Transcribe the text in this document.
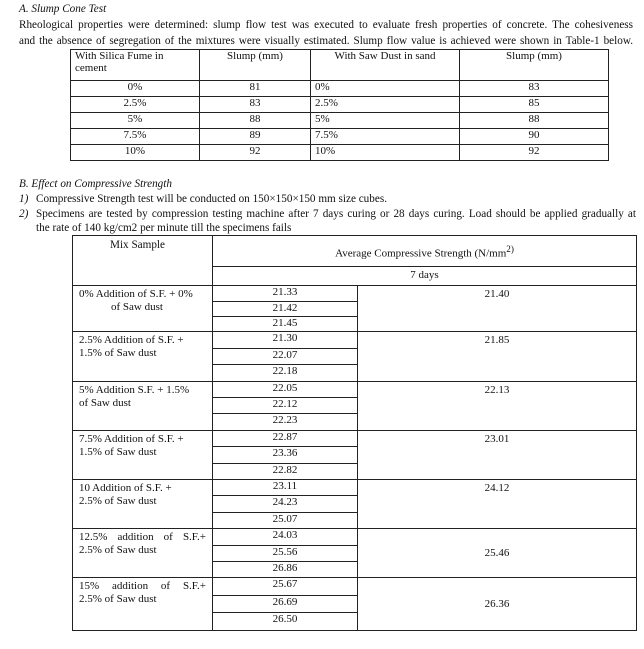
A. Slump Cone Test
Rheological properties were determined: slump flow test was executed to evaluate fresh properties of concrete. The cohesiveness
and the absence of segregation of the mixtures were visually estimated. Slump flow value is achieved were shown in Table-1 below.
With Silica Fume in
cement	Slump (mm)	With Saw Dust in sand	Slump (mm)
0%	81	0%	83
2.5%	83	2.5%	85
5%	88	5%	88
7.5%	89	7.5%	90
10%	92	10%	92
B. Effect on Compressive Strength
1) Compressive Strength test will be conducted on 150×150×150 mm size cubes.
2) Specimens are tested by compression testing machine after 7 days curing or 28 days curing. Load should be applied gradually at
the rate of 140 kg/cm2 per minute till the specimens fails
Mix Sample
	Average Compressive Strength ($N/mm^{2)}$
	7 days	

0% Addition of S.F. + 0%
of Saw dust	21.33	21.40
	21.42	
	21.45	

2.5% Addition of S.F. +
1.5% of Saw dust	21.30	21.85
	22.07	
	22.18	

5% Addition S.F. + 1.5%
of Saw dust	22.05	22.13
	22.12	
	22.23	

7.5% Addition of S.F. +
1.5% of Saw dust	22.87	23.01
	23.36	
	22.82	

10 Addition of S.F. +
2.5% of Saw dust	23.11	24.12
	24.23	
	25.07	

12.5% addition of S.F.+
2.5% of Saw dust	24.03	25.46
	25.56	
	26.86	

15% addition of S.F.+
2.5% of Saw dust	25.67	26.36
	26.69	
	26.50	
